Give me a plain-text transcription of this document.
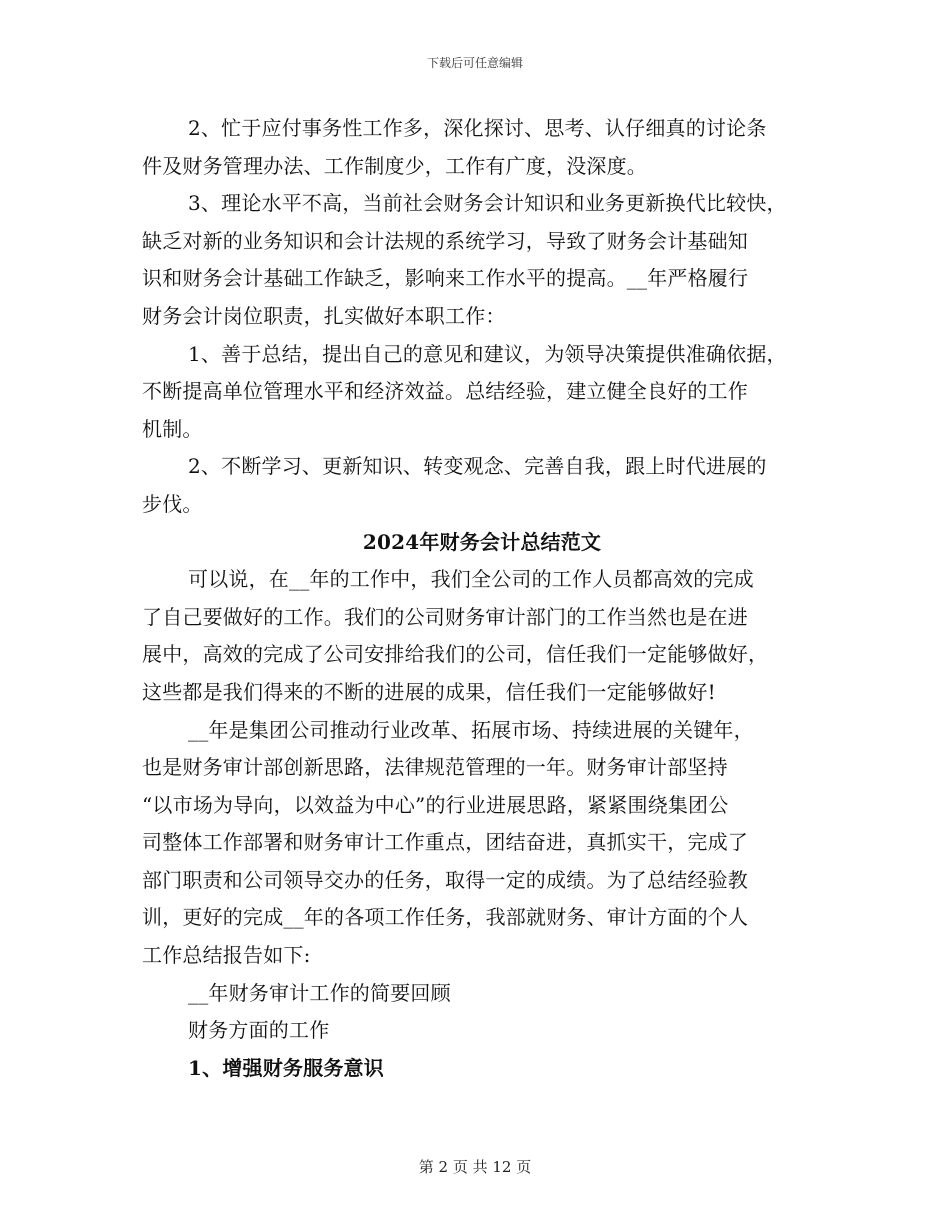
下载后可任意编辑
2、忙于应付事务性工作多，深化探讨、思考、认仔细真的讨论条
件及财务管理办法、工作制度少，工作有广度，没深度。
3、理论水平不高，当前社会财务会计知识和业务更新换代比较快，
缺乏对新的业务知识和会计法规的系统学习，导致了财务会计基础知
识和财务会计基础工作缺乏，影响来工作水平的提高。__年严格履行
财务会计岗位职责，扎实做好本职工作：
1、善于总结，提出自己的意见和建议，为领导决策提供准确依据，
不断提高单位管理水平和经济效益。总结经验，建立健全良好的工作
机制。
2、不断学习、更新知识、转变观念、完善自我，跟上时代进展的
步伐。
2024年财务会计总结范文
可以说，在__年的工作中，我们全公司的工作人员都高效的完成
了自己要做好的工作。我们的公司财务审计部门的工作当然也是在进
展中，高效的完成了公司安排给我们的公司，信任我们一定能够做好，
这些都是我们得来的不断的进展的成果，信任我们一定能够做好!
__年是集团公司推动行业改革、拓展市场、持续进展的关键年，
也是财务审计部创新思路，法律规范管理的一年。财务审计部坚持
“以市场为导向，以效益为中心”的行业进展思路，紧紧围绕集团公
司整体工作部署和财务审计工作重点，团结奋进，真抓实干，完成了
部门职责和公司领导交办的任务，取得一定的成绩。为了总结经验教
训，更好的完成__年的各项工作任务，我部就财务、审计方面的个人
工作总结报告如下:
__年财务审计工作的简要回顾
财务方面的工作
1、增强财务服务意识
第 2 页 共 12 页
